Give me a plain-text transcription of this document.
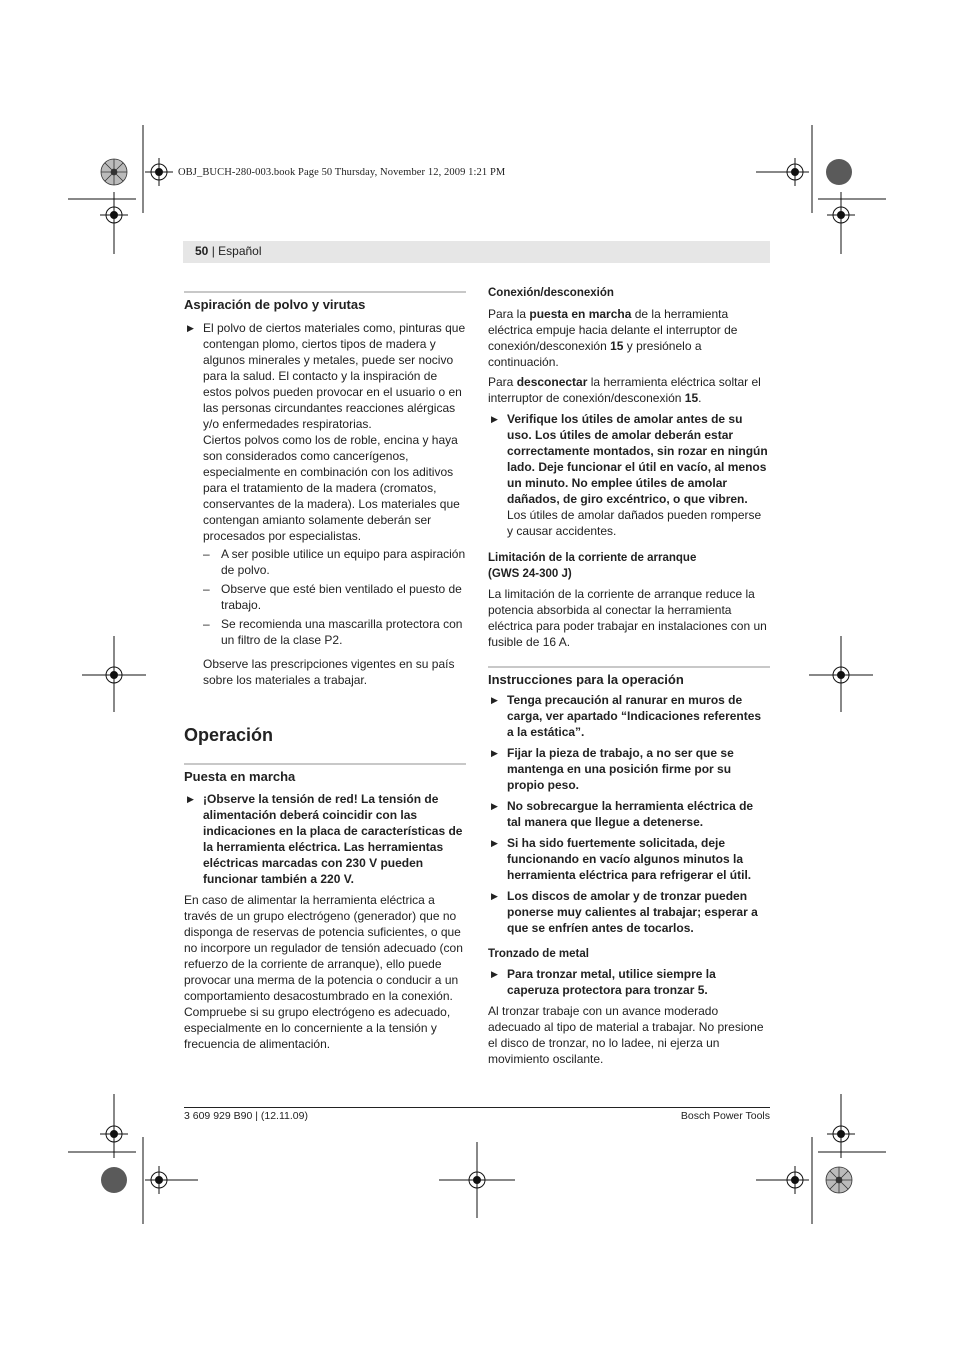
OBJ_BUCH-280-003.book Page 50 Thursday, November 12, 2009 1:21 PM
50 | Español
Aspiración de polvo y virutas
▶ El polvo de ciertos materiales como, pinturas que contengan plomo, ciertos tipos de madera y algunos minerales y metales, puede ser nocivo para la salud. El contacto y la inspiración de estos polvos pueden provocar en el usuario o en las personas circundantes reacciones alérgicas y/o enfermedades respiratorias.

Ciertos polvos como los de roble, encina y haya son considerados como cancerígenos, especialmente en combinación con los aditivos para el tratamiento de la madera (cromatos, conservantes de la madera). Los materiales que contengan amianto solamente deberán ser procesados por especialistas.

– A ser posible utilice un equipo para aspiración de polvo.
– Observe que esté bien ventilado el puesto de trabajo.
– Se recomienda una mascarilla protectora con un filtro de la clase P2.

Observe las prescripciones vigentes en su país sobre los materiales a trabajar.

Operación
Puesta en marcha
▶ ¡Observe la tensión de red! La tensión de alimentación deberá coincidir con las indicaciones en la placa de características de la herramienta eléctrica. Las herramientas eléctricas marcadas con 230 V pueden funcionar también a 220 V.

En caso de alimentar la herramienta eléctrica a través de un grupo electrógeno (generador) que no disponga de reservas de potencia suficientes, o que no incorpore un regulador de tensión adecuado (con refuerzo de la corriente de arranque), ello puede provocar una merma de la potencia o conducir a un comportamiento desacostumbrado en la conexión.

Compruebe si su grupo electrógeno es adecuado, especialmente en lo concerniente a la tensión y frecuencia de alimentación.

Conexión/desconexión

Para la puesta en marcha de la herramienta eléctrica empuje hacia delante el interruptor de conexión/desconexión 15 y presiónelo a continuación.

Para desconectar la herramienta eléctrica soltar el interruptor de conexión/desconexión 15.

▶ Verifique los útiles de amolar antes de su uso. Los útiles de amolar deberán estar correctamente montados, sin rozar en ningún lado. Deje funcionar el útil en vacío, al menos un minuto. No emplee útiles de amolar dañados, de giro excéntrico, o que vibren.

Los útiles de amolar dañados pueden romperse y causar accidentes.

Limitación de la corriente de arranque

(GWS 24-300 J)

La limitación de la corriente de arranque reduce la potencia absorbida al conectar la herramienta eléctrica para poder trabajar en instalaciones con un fusible de 16 A.

Instrucciones para la operación
▶ Tenga precaución al ranurar en muros de carga, ver apartado “Indicaciones referentes a la estática”.
▶ Fijar la pieza de trabajo, a no ser que se mantenga en una posición firme por su propio peso.
▶ No sobrecargue la herramienta eléctrica de tal manera que llegue a detenerse.
▶ Si ha sido fuertemente solicitada, deje funcionando en vacío algunos minutos la herramienta eléctrica para refrigerar el útil.
▶ Los discos de amolar y de tronzar pueden ponerse muy calientes al trabajar; esperar a que se enfríen antes de tocarlos.

Tronzado de metal

▶ Para tronzar metal, utilice siempre la caperuza protectora para tronzar 5.

Al tronzar trabaje con un avance moderado adecuado al tipo de material a trabajar. No presione el disco de tronzar, no lo ladee, ni ejerza un movimiento oscilante.

3 609 929 B90 | (12.11.09)	Bosch Power Tools
